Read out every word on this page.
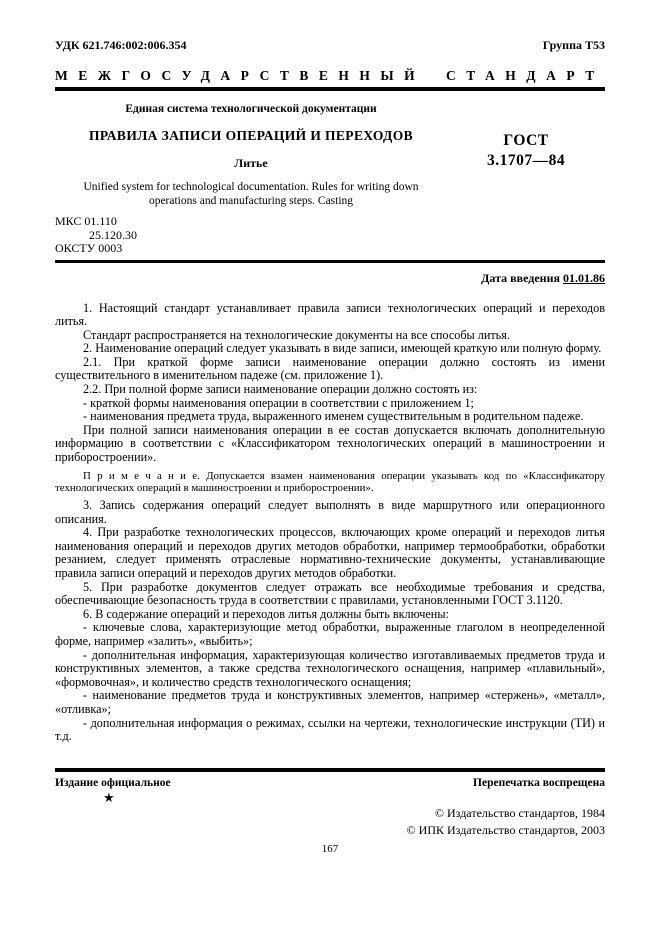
УДК 621.746:002:006.354	Группа Т53
МЕЖГОСУДАРСТВЕННЫЙ СТАНДАРТ
Единая система технологической документации
ПРАВИЛА ЗАПИСИ ОПЕРАЦИЙ И ПЕРЕХОДОВ
Литье
Unified system for technological documentation. Rules for writing down
operations and manufacturing steps. Casting
ГОСТ
3.1707—84
МКС 01.110
25.120.30
ОКСТУ 0003
Дата введения 01.01.86

1. Настоящий стандарт устанавливает правила записи технологических операций и переходов литья.

Стандарт распространяется на технологические документы на все способы литья.

2. Наименование операций следует указывать в виде записи, имеющей краткую или полную форму.

2.1. При краткой форме записи наименование операции должно состоять из имени существительного в именительном падеже (см. приложение 1).

2.2. При полной форме записи наименование операции должно состоять из:

- краткой формы наименования операции в соответствии с приложением 1;

- наименования предмета труда, выраженного именем существительным в родительном падеже.

При полной записи наименования операции в ее состав допускается включать дополнительную информацию в соответствии с «Классификатором технологических операций в машиностроении и приборостроении».

П р и м е ч а н и е. Допускается взамен наименования операции указывать код по «Классификатору технологических операций в машиностроении и приборостроении».

3. Запись содержания операций следует выполнять в виде маршрутного или операционного описания.

4. При разработке технологических процессов, включающих кроме операций и переходов литья наименования операций и переходов других методов обработки, например термообработки, обработки резанием, следует применять отраслевые нормативно-технические документы, устанавливающие правила записи операций и переходов других методов обработки.

5. При разработке документов следует отражать все необходимые требования и средства, обеспечивающие безопасность труда в соответствии с правилами, установленными ГОСТ 3.1120.

6. В содержание операций и переходов литья должны быть включены:

- ключевые слова, характеризующие метод обработки, выраженные глаголом в неопределенной форме, например «залить», «выбить»;

- дополнительная информация, характеризующая количество изготавливаемых предметов труда и конструктивных элементов, а также средства технологического оснащения, например «плавильный», «формовочная», и количество средств технологического оснащения;

- наименование предметов труда и конструктивных элементов, например «стержень», «металл», «отливка»;

- дополнительная информация о режимах, ссылки на чертежи, технологические инструкции (ТИ) и т.д.

Издание официальное	Перепечатка воспрещена
★
© Издательство стандартов, 1984
© ИПК Издательство стандартов, 2003
167
